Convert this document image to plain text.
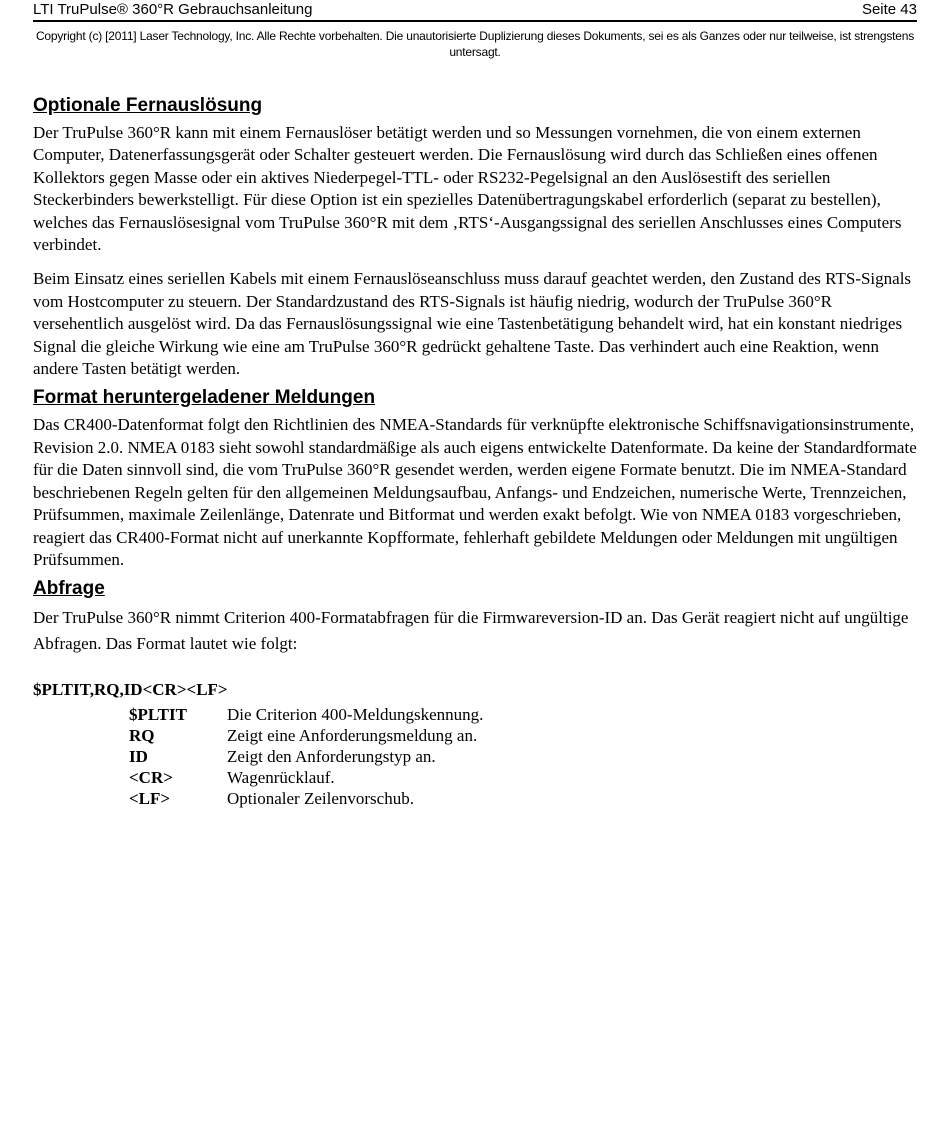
LTI TruPulse® 360°R Gebrauchsanleitung	Seite 43
Copyright (c) [2011] Laser Technology, Inc. Alle Rechte vorbehalten. Die unautorisierte Duplizierung dieses Dokuments, sei es als Ganzes oder nur teilweise, ist strengstens untersagt.
Optionale Fernauslösung

Der TruPulse 360°R kann mit einem Fernauslöser betätigt werden und so Messungen vornehmen, die von einem externen Computer, Datenerfassungsgerät oder Schalter gesteuert werden. Die Fernauslösung wird durch das Schließen eines offenen Kollektors gegen Masse oder ein aktives Niederpegel-TTL- oder RS232-Pegelsignal an den Auslösestift des seriellen Steckerbinders bewerkstelligt. Für diese Option ist ein spezielles Datenübertragungskabel erforderlich (separat zu bestellen), welches das Fernauslösesignal vom TruPulse 360°R mit dem ‚RTS‘-Ausgangssignal des seriellen Anschlusses eines Computers verbindet.

Beim Einsatz eines seriellen Kabels mit einem Fernauslöseanschluss muss darauf geachtet werden, den Zustand des RTS-Signals vom Hostcomputer zu steuern. Der Standardzustand des RTS-Signals ist häufig niedrig, wodurch der TruPulse 360°R versehentlich ausgelöst wird. Da das Fernauslösungssignal wie eine Tastenbetätigung behandelt wird, hat ein konstant niedriges Signal die gleiche Wirkung wie eine am TruPulse 360°R gedrückt gehaltene Taste. Das verhindert auch eine Reaktion, wenn andere Tasten betätigt werden.

Format heruntergeladener Meldungen

Das CR400-Datenformat folgt den Richtlinien des NMEA-Standards für verknüpfte elektronische Schiffsnavigationsinstrumente, Revision 2.0. NMEA 0183 sieht sowohl standardmäßige als auch eigens entwickelte Datenformate. Da keine der Standardformate für die Daten sinnvoll sind, die vom TruPulse 360°R gesendet werden, werden eigene Formate benutzt. Die im NMEA-Standard beschriebenen Regeln gelten für den allgemeinen Meldungsaufbau, Anfangs- und Endzeichen, numerische Werte, Trennzeichen, Prüfsummen, maximale Zeilenlänge, Datenrate und Bitformat und werden exakt befolgt. Wie von NMEA 0183 vorgeschrieben, reagiert das CR400-Format nicht auf unerkannte Kopfformate, fehlerhaft gebildete Meldungen oder Meldungen mit ungültigen Prüfsummen.

Abfrage

Der TruPulse 360°R nimmt Criterion 400-Formatabfragen für die Firmwareversion-ID an. Das Gerät reagiert nicht auf ungültige Abfragen. Das Format lautet wie folgt:

$PLTIT,RQ,ID<CR><LF>

$PLTIT	Die Criterion 400-Meldungskennung.
RQ	Zeigt eine Anforderungsmeldung an.
ID	Zeigt den Anforderungstyp an.
<CR>	Wagenrücklauf.
<LF>	Optionaler Zeilenvorschub.
